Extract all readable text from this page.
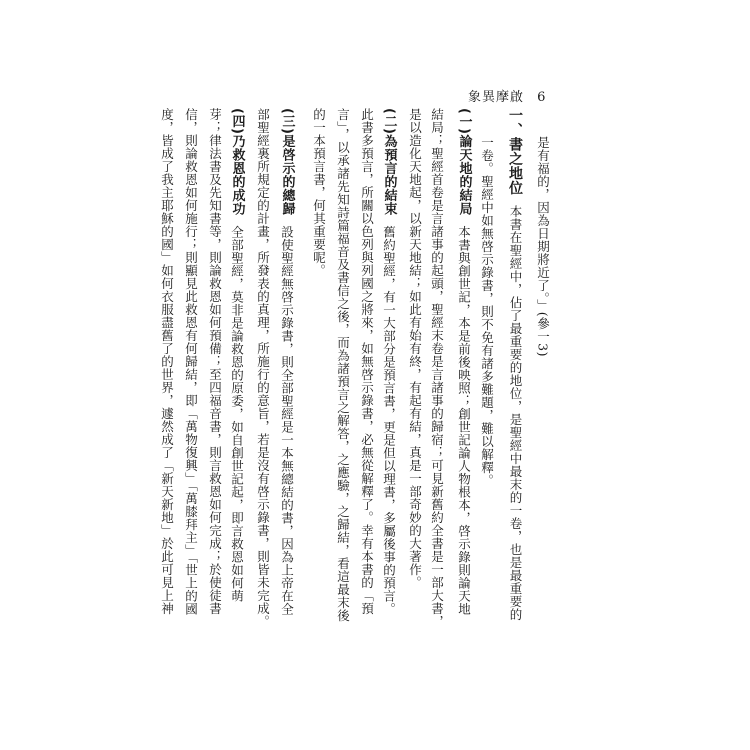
象異摩啟 6
是有福的，因為日期將近了。」(參一3)
一、書之地位本書在聖經中，佔了最重要的地位，是聖經中最末的一卷，也是最重要的
一卷。聖經中如無啓示錄書，則不免有諸多難題，難以解釋。
(一)論天地的結局本書與創世記，本是前後映照；創世記論人物根本，啓示錄則論天地
結局；聖經首卷是言諸事的起頭，聖經末卷是言諸事的歸宿；可見新舊約全書是一部大書，
是以造化天地起，以新天地結；如此有始有終，有起有結，真是一部奇妙的大著作。
(二)為預言的結束舊約聖經，有一大部分是預言書，更是但以理書，多屬後事的預言。
此書多預言，所關以色列與列國之將來，如無啓示錄書，必無從解釋了。幸有本書的「預
言」，以承諸先知詩篇福音及書信之後，而為諸預言之解答，之應驗，之歸結，看這最末後
的一本預言書，何其重要呢。
(三)是啓示的總歸設使聖經無啓示錄書，則全部聖經是一本無總結的書，因為上帝在全
部聖經裏所規定的計畫，所發表的真理，所施行的意旨，若是沒有啓示錄書，則皆未完成。
(四)乃救恩的成功全部聖經，莫非是論救恩的原委，如自創世記起，即言救恩如何萌
芽；律法書及先知書等，則論救恩如何預備；至四福音書，則言救恩如何完成；於使徒書
信，則論救恩如何施行；則顯見此救恩有何歸結，即「萬物復興」「萬膝拜主」「世上的國
度，皆成了我主耶穌的國」如何衣服盡舊了的世界，遽然成了「新天新地」於此可見上神
